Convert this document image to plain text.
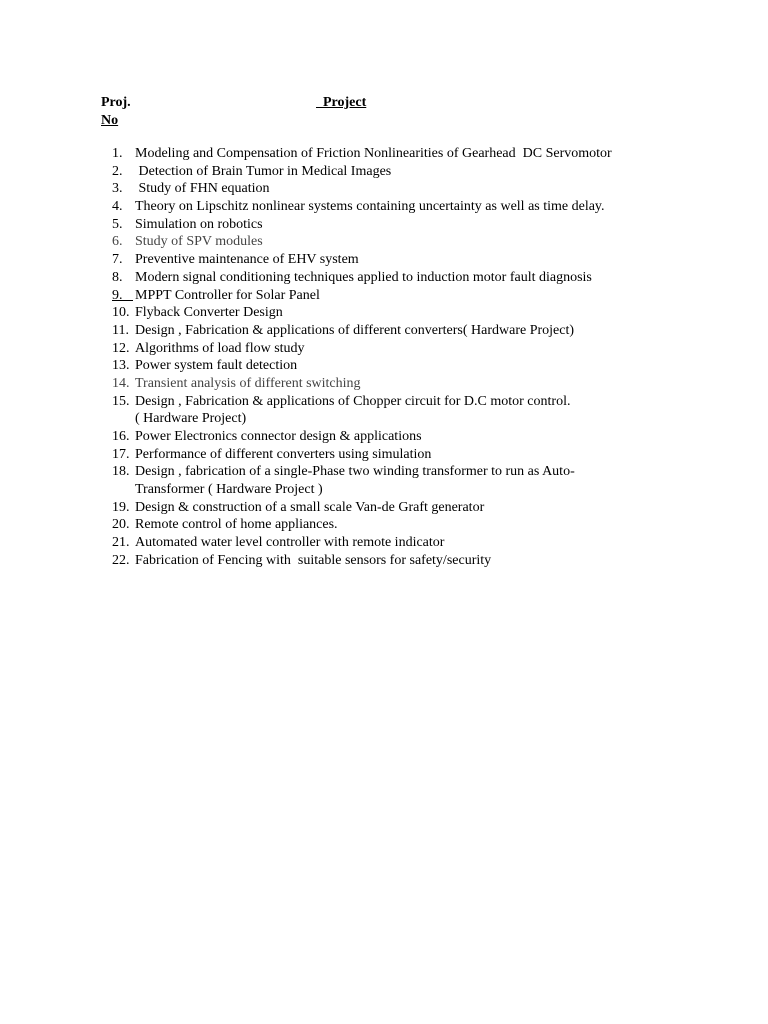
Proj.
No
Project
1. Modeling and Compensation of Friction Nonlinearities of Gearhead  DC Servomotor
2. Detection of Brain Tumor in Medical Images
3. Study of FHN equation
4. Theory on Lipschitz nonlinear systems containing uncertainty as well as time delay.
5. Simulation on robotics
6. Study of SPV modules
7. Preventive maintenance of EHV system
8. Modern signal conditioning techniques applied to induction motor fault diagnosis
9. MPPT Controller for Solar Panel
10. Flyback Converter Design
11. Design , Fabrication & applications of different converters( Hardware Project)
12. Algorithms of load flow study
13. Power system fault detection
14. Transient analysis of different switching
15. Design , Fabrication & applications of Chopper circuit for D.C motor control.
( Hardware Project)
16. Power Electronics connector design & applications
17. Performance of different converters using simulation
18. Design , fabrication of a single-Phase two winding transformer to run as Auto-
Transformer ( Hardware Project )
19. Design & construction of a small scale Van-de Graft generator
20. Remote control of home appliances.
21. Automated water level controller with remote indicator
22. Fabrication of Fencing with  suitable sensors for safety/security
